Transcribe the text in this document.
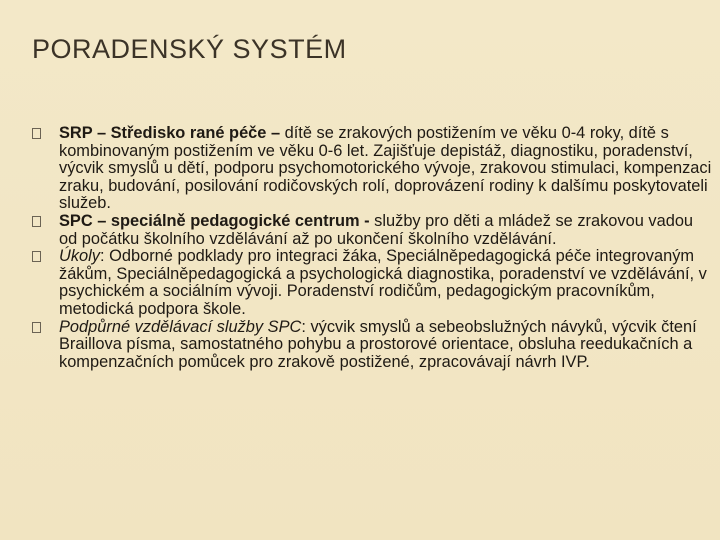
PORADENSKÝ SYSTÉM
SRP – Středisko rané péče – dítě se zrakových postižením ve věku 0-4 roky, dítě s kombinovaným postižením ve věku 0-6 let. Zajišťuje depistáž, diagnostiku, poradenství, výcvik smyslů u dětí, podporu psychomotorického vývoje, zrakovou stimulaci, kompenzaci zraku, budování, posilování rodičovských rolí, doprovázení rodiny k dalšímu poskytovateli služeb.
SPC – speciálně pedagogické centrum - služby pro děti a mládež se zrakovou vadou od počátku školního vzdělávání až po ukončení školního vzdělávání.
Úkoly: Odborné podklady pro integraci žáka, Speciálněpedagogická péče integrovaným žákům, Speciálněpedagogická a psychologická diagnostika, poradenství ve vzdělávání, v psychickém a sociálním vývoji. Poradenství rodičům, pedagogickým pracovníkům, metodická podpora škole.
Podpůrné vzdělávací služby SPC: výcvik smyslů a sebeobslužných návyků, výcvik čtení Braillova písma, samostatného pohybu a prostorové orientace, obsluha reedukačních a kompenzačních pomůcek pro zrakově postižené, zpracovávají návrh IVP.
